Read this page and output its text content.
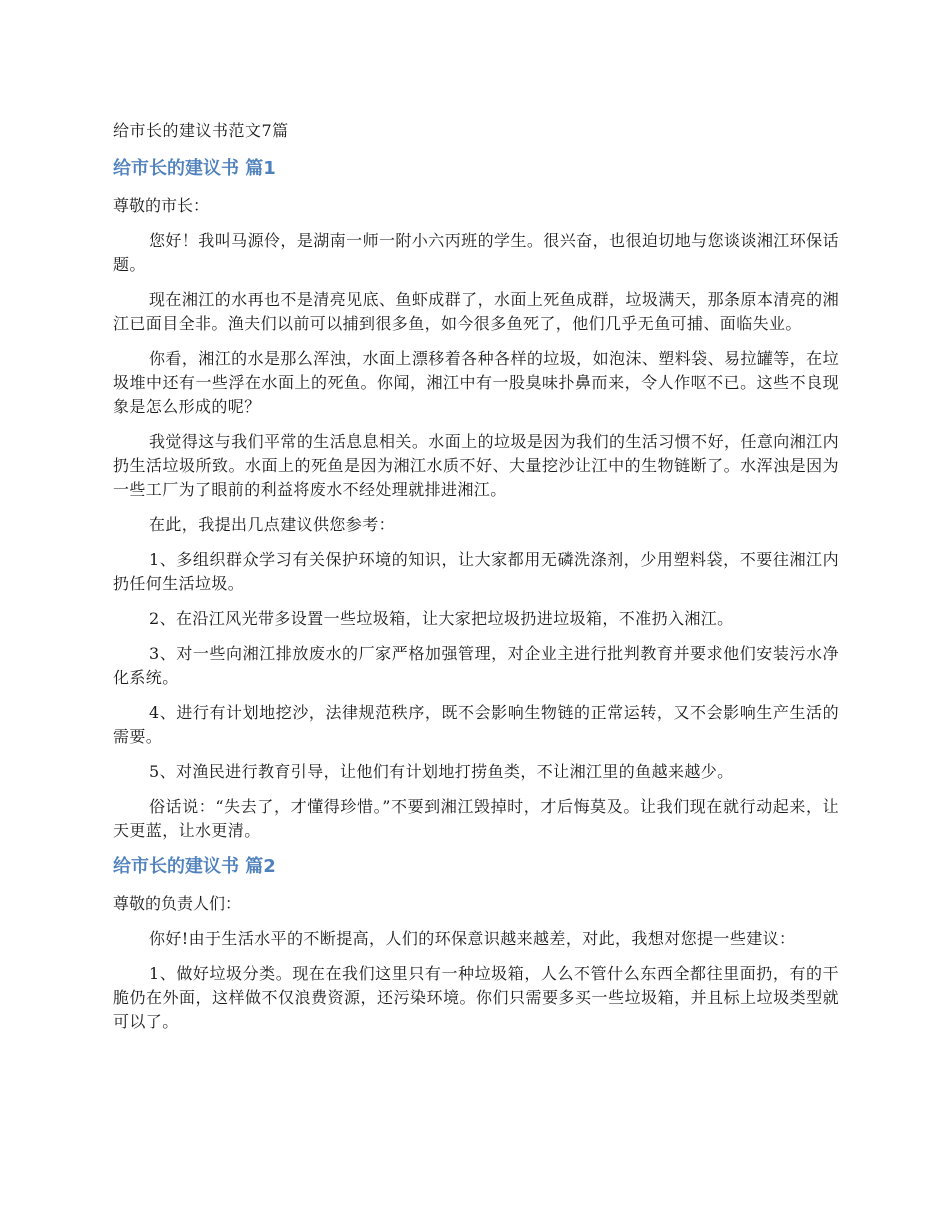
给市长的建议书范文7篇
给市长的建议书 篇1
尊敬的市长：

您好！我叫马源伶，是湖南一师一附小六丙班的学生。很兴奋，也很迫切地与您谈谈湘江环保话题。

现在湘江的水再也不是清亮见底、鱼虾成群了，水面上死鱼成群，垃圾满天，那条原本清亮的湘江已面目全非。渔夫们以前可以捕到很多鱼，如今很多鱼死了，他们几乎无鱼可捕、面临失业。

你看，湘江的水是那么浑浊，水面上漂移着各种各样的垃圾，如泡沫、塑料袋、易拉罐等，在垃圾堆中还有一些浮在水面上的死鱼。你闻，湘江中有一股臭味扑鼻而来，令人作呕不已。这些不良现象是怎么形成的呢？

我觉得这与我们平常的生活息息相关。水面上的垃圾是因为我们的生活习惯不好，任意向湘江内扔生活垃圾所致。水面上的死鱼是因为湘江水质不好、大量挖沙让江中的生物链断了。水浑浊是因为一些工厂为了眼前的利益将废水不经处理就排进湘江。

在此，我提出几点建议供您参考：

1、多组织群众学习有关保护环境的知识，让大家都用无磷洗涤剂，少用塑料袋，不要往湘江内扔任何生活垃圾。

2、在沿江风光带多设置一些垃圾箱，让大家把垃圾扔进垃圾箱，不准扔入湘江。

3、对一些向湘江排放废水的厂家严格加强管理，对企业主进行批判教育并要求他们安装污水净化系统。

4、进行有计划地挖沙，法律规范秩序，既不会影响生物链的正常运转，又不会影响生产生活的需要。

5、对渔民进行教育引导，让他们有计划地打捞鱼类，不让湘江里的鱼越来越少。

俗话说：“失去了，才懂得珍惜。”不要到湘江毁掉时，才后悔莫及。让我们现在就行动起来，让天更蓝，让水更清。

给市长的建议书 篇2
尊敬的负责人们：

你好!由于生活水平的不断提高，人们的环保意识越来越差，对此，我想对您提一些建议：

1、做好垃圾分类。现在在我们这里只有一种垃圾箱，人么不管什么东西全都往里面扔，有的干脆仍在外面，这样做不仅浪费资源，还污染环境。你们只需要多买一些垃圾箱，并且标上垃圾类型就可以了。
